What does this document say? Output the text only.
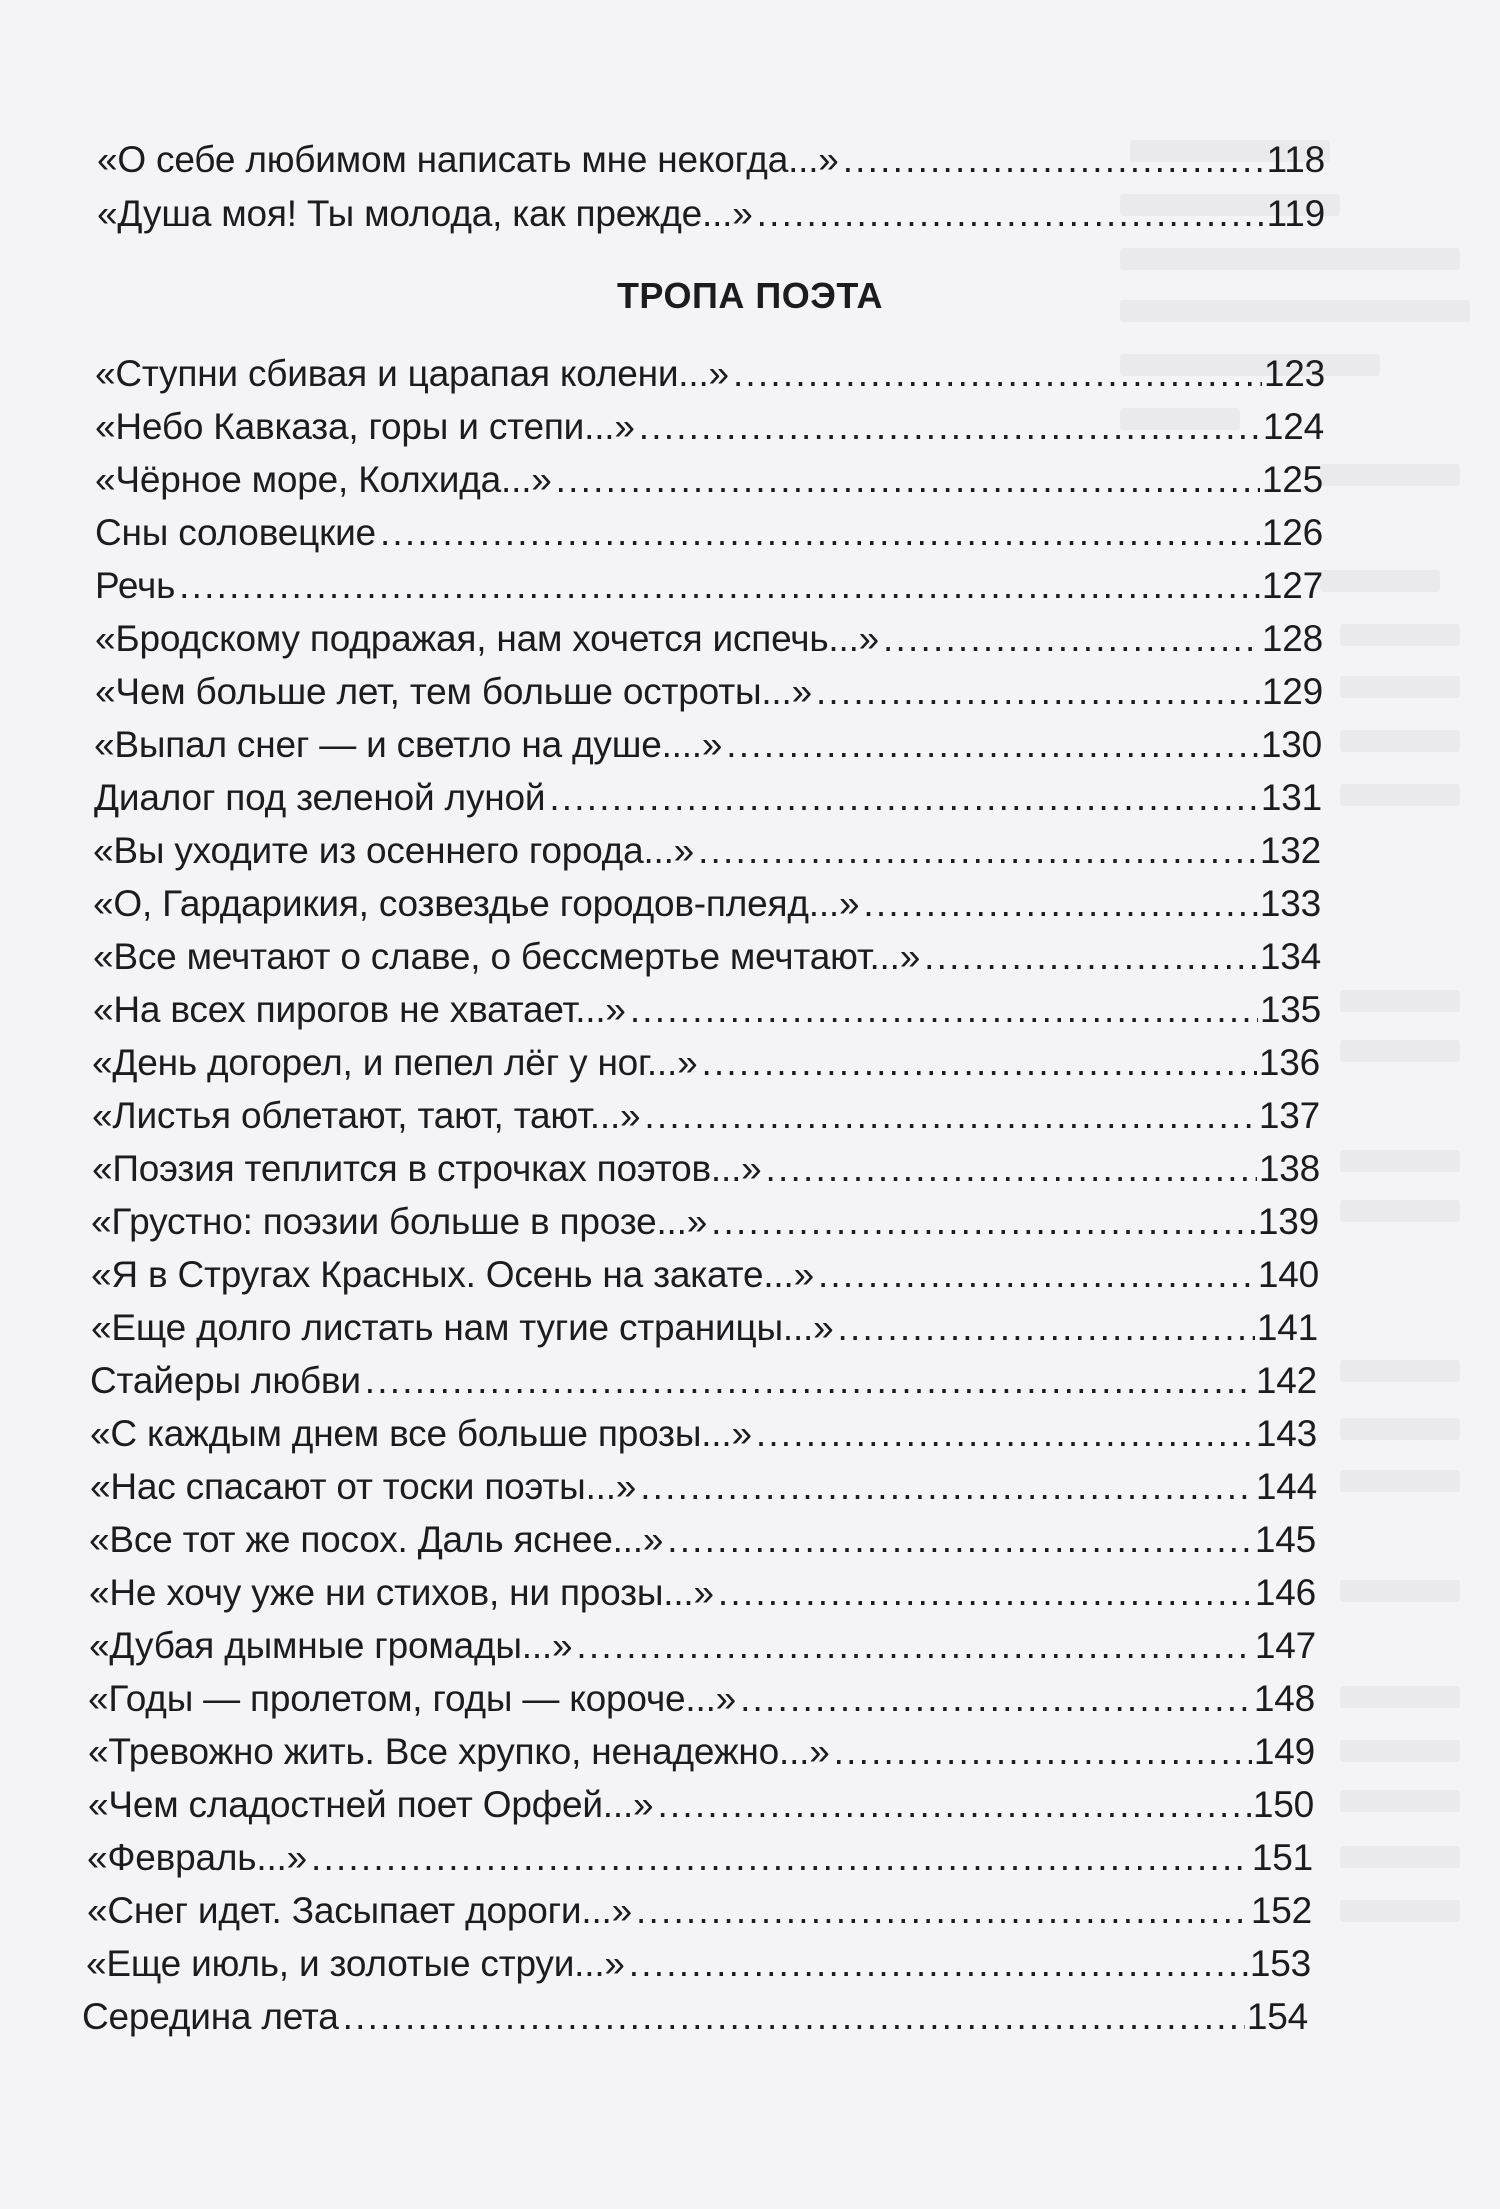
«О себе любимом написать мне некогда...» .....	118
«Душа моя! Ты молода, как прежде...» .....	119
ТРОПА ПОЭТА
«Ступни сбивая и царапая колени...» .....	123
«Небо Кавказа, горы и степи...» .....	124
«Чёрное море, Колхида...» .....	125
Сны соловецкие .....	126
Речь .....	127
«Бродскому подражая, нам хочется испечь...» .....	128
«Чем больше лет, тем больше остроты...» .....	129
«Выпал снег — и светло на душе....» .....	130
Диалог под зеленой луной .....	131
«Вы уходите из осеннего города...» .....	132
«О, Гардарикия, созвездье городов-плеяд...» .....	133
«Все мечтают о славе, о бессмертье мечтают...» .....	134
«На всех пирогов не хватает...» .....	135
«День догорел, и пепел лёг у ног...» .....	136
«Листья облетают, тают, тают...» .....	137
«Поэзия теплится в строчках поэтов...» .....	138
«Грустно: поэзии больше в прозе...» .....	139
«Я в Стругах Красных. Осень на закате...» .....	140
«Еще долго листать нам тугие страницы...» .....	141
Стайеры любви .....	142
«С каждым днем все больше прозы...» .....	143
«Нас спасают от тоски поэты...» .....	144
«Все тот же посох. Даль яснее...» .....	145
«Не хочу уже ни стихов, ни прозы...» .....	146
«Дубая дымные громады...» .....	147
«Годы — пролетом, годы — короче...» .....	148
«Тревожно жить. Все хрупко, ненадежно...» .....	149
«Чем сладостней поет Орфей...» .....	150
«Февраль...» .....	151
«Снег идет. Засыпает дороги...» .....	152
«Еще июль, и золотые струи...» .....	153
Середина лета .....	154
